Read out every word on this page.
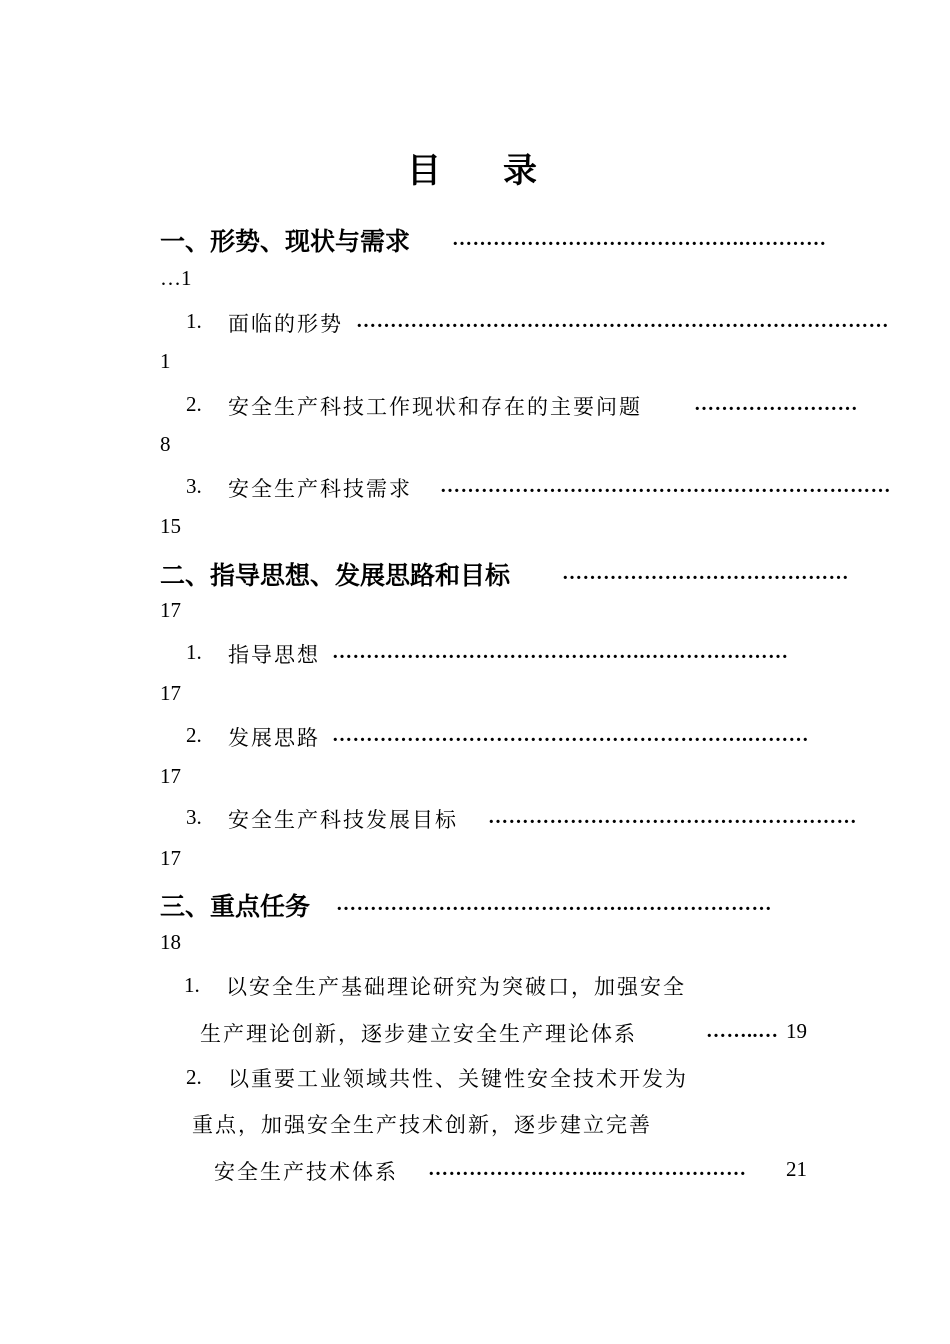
目 录
一、形势、现状与需求 …………………………………….…………
…1
1. 面临的形势 ……………………………………………………………………
1
2. 安全生产科技工作现状和存在的主要问题	……………………
8
3. 安全生产科技需求 …………………………………………………………
15
二、指导思想、发展思路和目标	……………………………………
17
1. 指导思想 ……………………………………….…………………
17
2. 发展思路 …………………………………………………….………
17
3. 安全生产科技发展目标 ………………………………………………
17
三、重点任务 …………………………………….…………………
18
1. 以安全生产基础理论研究为突破口，加强安全
生产理论创新，逐步建立安全生产理论体系	……..… 19
2. 以重要工业领域共性、关键性安全技术开发为
重点，加强安全生产技术创新，逐步建立完善
安全生产技术体系 ……………………..…………………	21
